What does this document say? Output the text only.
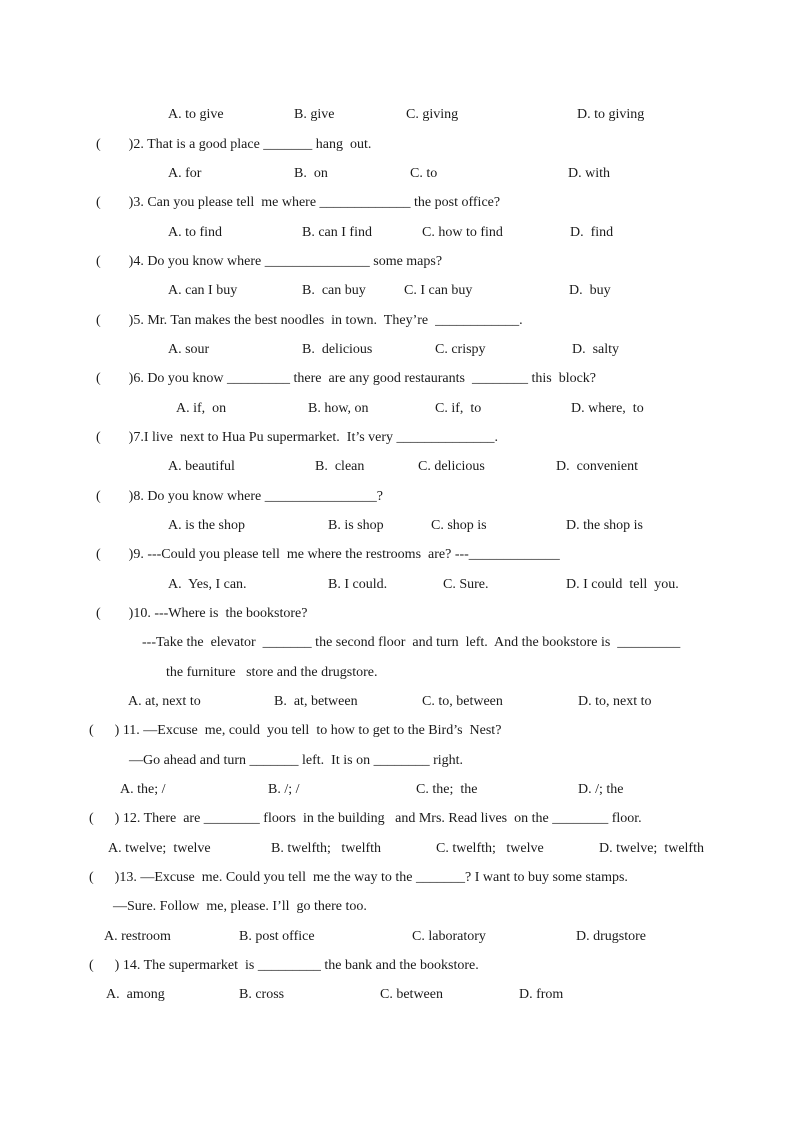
A. to give	B. give	C. giving	D. to giving
(        )2. That is a good place _______ hang  out.
A. for	B.  on	C. to	D. with
(        )3. Can you please tell  me where _____________ the post office?
A. to find	B. can I find	C. how to find	D.  find
(        )4. Do you know where _______________ some maps?
A. can I buy	B.  can buy	C. I can buy	D.  buy
(        )5. Mr. Tan makes the best noodles  in town.  They’re  ____________.
A. sour	B.  delicious	C. crispy	D.  salty
(        )6. Do you know _________ there  are any good restaurants  ________ this  block?
A. if,  on	B. how, on	C. if,  to	D. where,  to
(        )7.I live  next to Hua Pu supermarket.  It’s very ______________.
A. beautiful	B.  clean	C. delicious	D.  convenient
(        )8. Do you know where ________________?
A. is the shop	B. is shop	C. shop is	D. the shop is
(        )9. ---Could you please tell  me where the restrooms  are? ---_____________
A.  Yes, I can.	B. I could.	C. Sure.	D. I could  tell  you.
(        )10. ---Where is  the bookstore?
---Take the  elevator  _______ the second floor  and turn  left.  And the bookstore is  _________
the furniture   store and the drugstore.
A. at, next to	B.  at, between	C. to, between	D. to, next to
(      ) 11. —Excuse  me, could  you tell  to how to get to the Bird’s  Nest?
—Go ahead and turn _______ left.  It is on ________ right.
A. the; /	B. /; /	C. the;  the	D. /; the
(      ) 12. There  are ________ floors  in the building   and Mrs. Read lives  on the ________ floor.
A. twelve;  twelve	B. twelfth;   twelfth	C. twelfth;   twelve	D. twelve;  twelfth
(      )13. —Excuse  me. Could you tell  me the way to the _______? I want to buy some stamps.
—Sure. Follow  me, please. I’ll  go there too.
A. restroom	B. post office	C. laboratory	D. drugstore
(      ) 14. The supermarket  is _________ the bank and the bookstore.
A.  among	B. cross	C. between	D. from
